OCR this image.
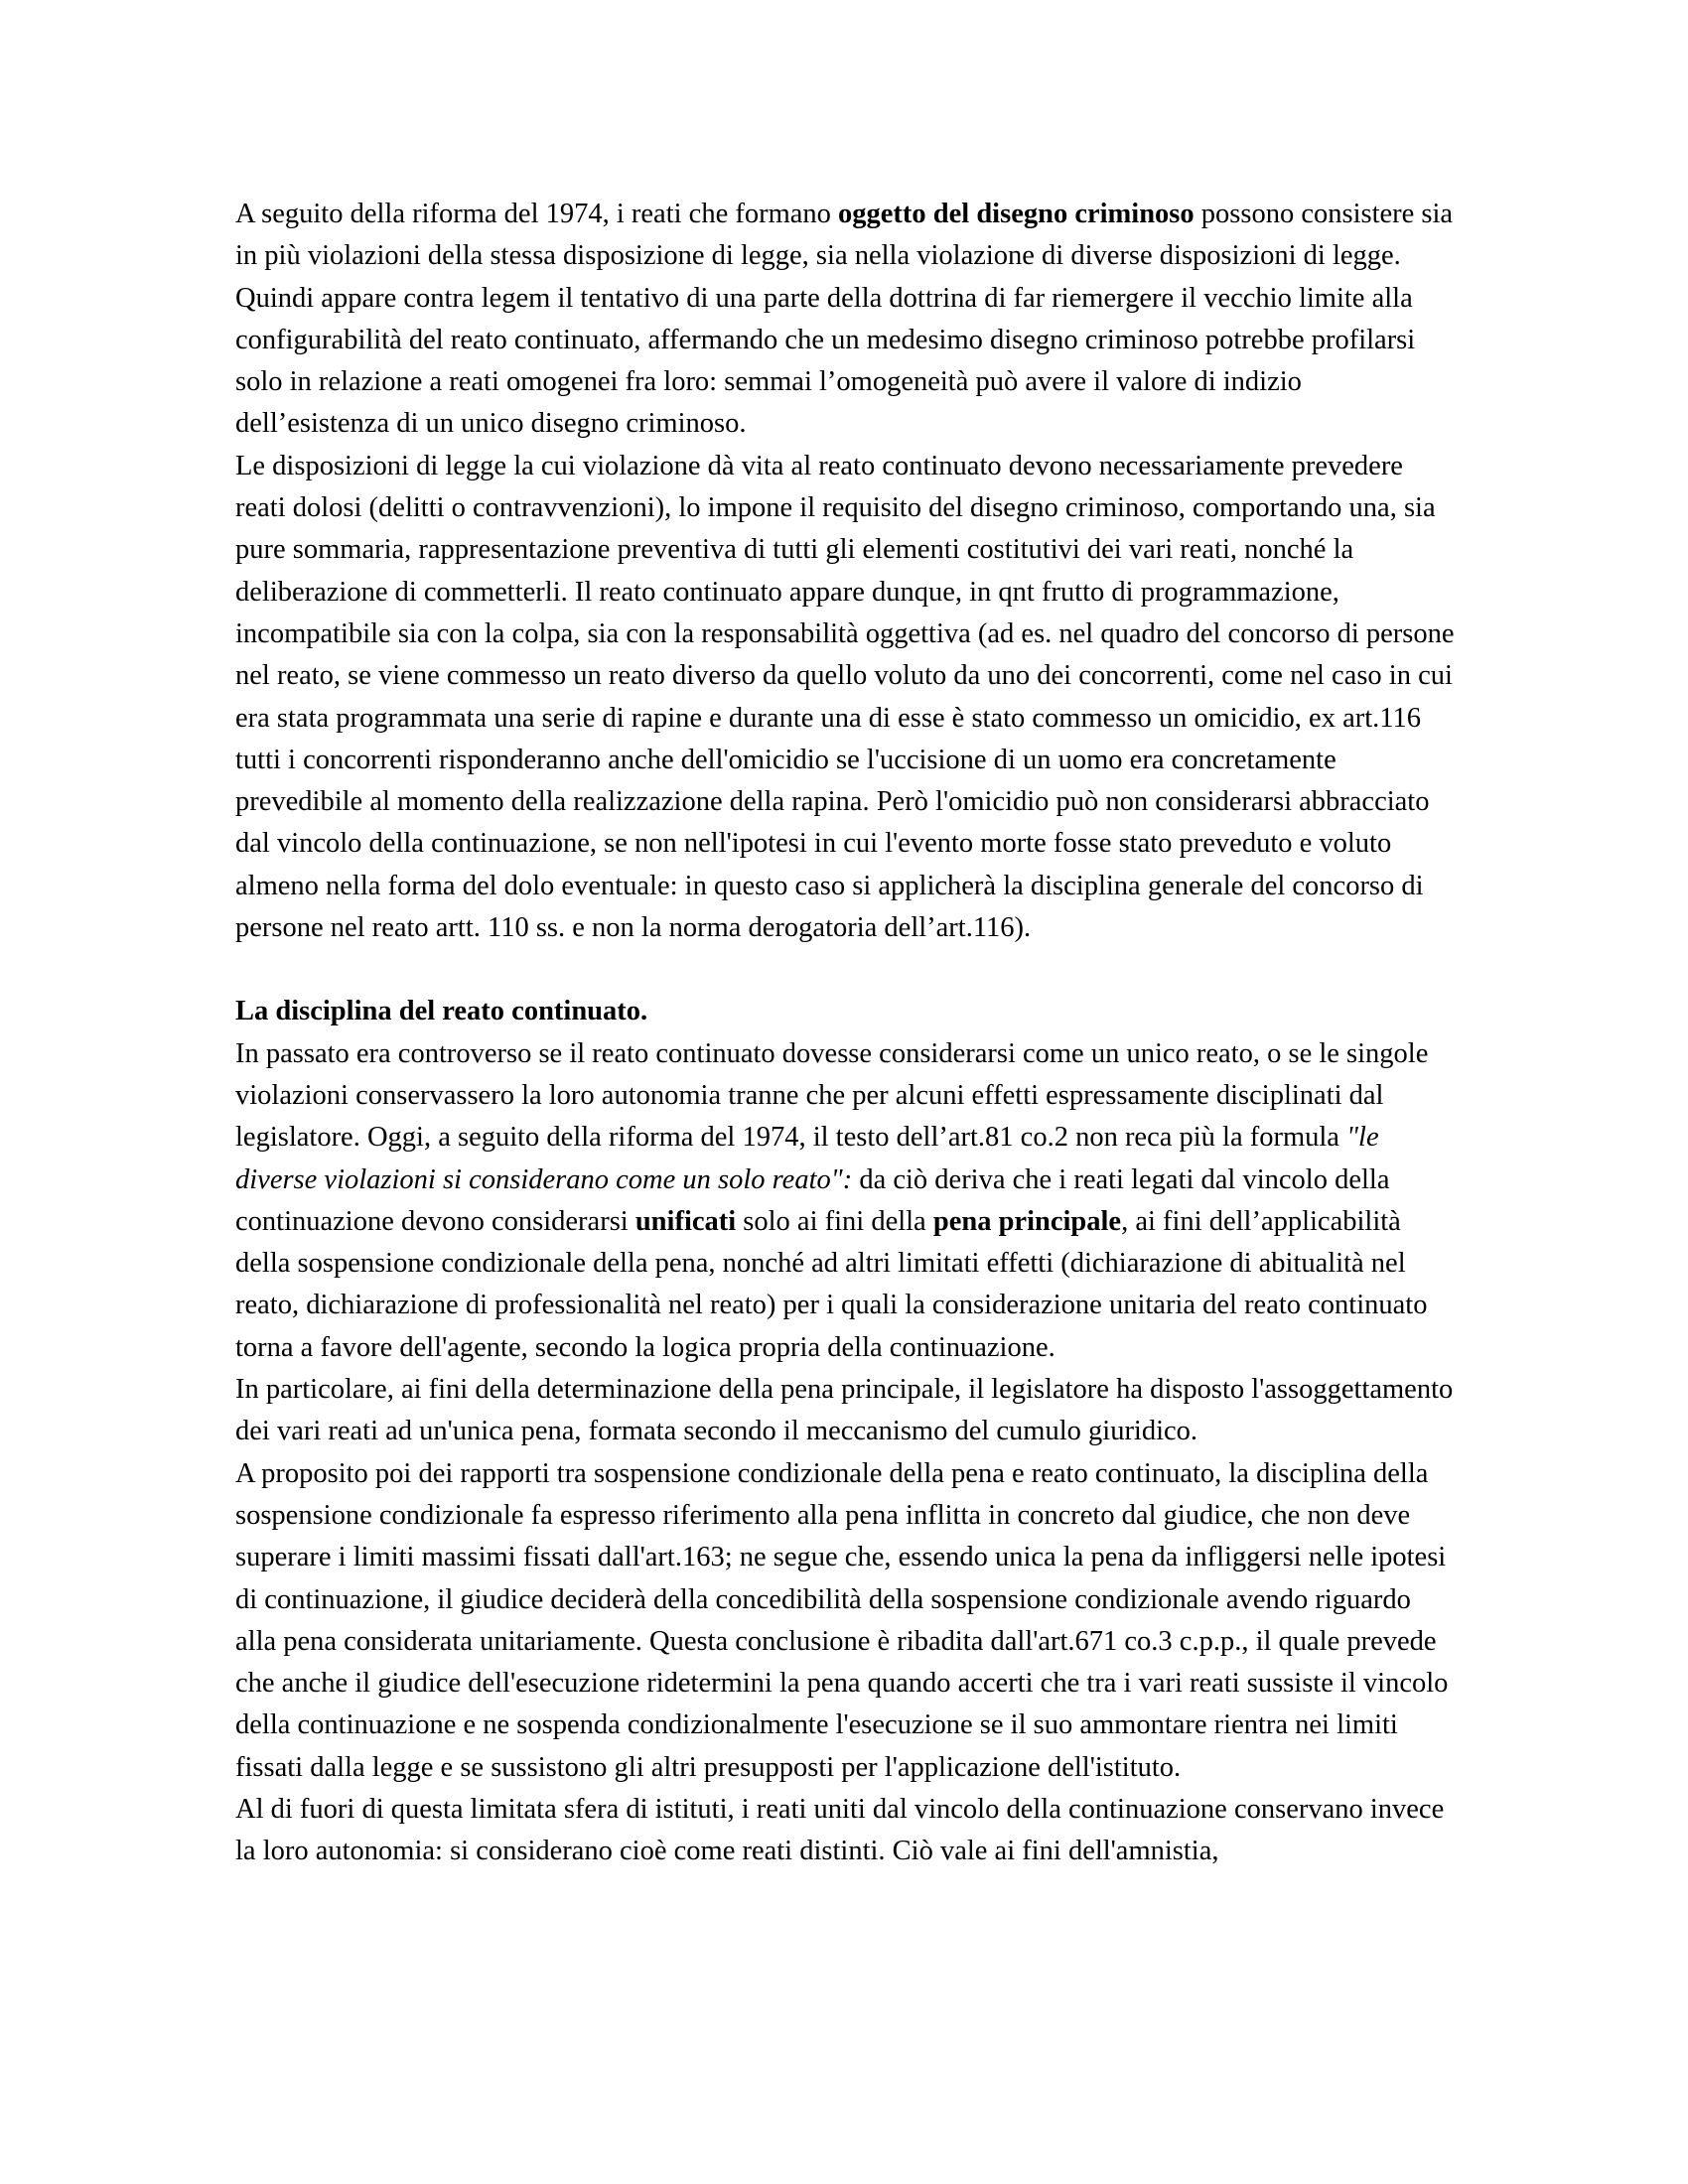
A seguito della riforma del 1974, i reati che formano oggetto del disegno criminoso possono consistere sia in più violazioni della stessa disposizione di legge, sia nella violazione di diverse disposizioni di legge. Quindi appare contra legem il tentativo di una parte della dottrina di far riemergere il vecchio limite alla configurabilità del reato continuato, affermando che un medesimo disegno criminoso potrebbe profilarsi solo in relazione a reati omogenei fra loro: semmai l’omogeneità può avere il valore di indizio dell’esistenza di un unico disegno criminoso.

Le disposizioni di legge la cui violazione dà vita al reato continuato devono necessariamente prevedere reati dolosi (delitti o contravvenzioni), lo impone il requisito del disegno criminoso, comportando una, sia pure sommaria, rappresentazione preventiva di tutti gli elementi costitutivi dei vari reati, nonché la deliberazione di commetterli. Il reato continuato appare dunque, in qnt frutto di programmazione, incompatibile sia con la colpa, sia con la responsabilità oggettiva (ad es. nel quadro del concorso di persone nel reato, se viene commesso un reato diverso da quello voluto da uno dei concorrenti, come nel caso in cui era stata programmata una serie di rapine e durante una di esse è stato commesso un omicidio, ex art.116 tutti i concorrenti risponderanno anche dell'omicidio se l'uccisione di un uomo era concretamente prevedibile al momento della realizzazione della rapina. Però l'omicidio può non considerarsi abbracciato dal vincolo della continuazione, se non nell'ipotesi in cui l'evento morte fosse stato preveduto e voluto almeno nella forma del dolo eventuale: in questo caso si applicherà la disciplina generale del concorso di persone nel reato artt. 110 ss. e non la norma derogatoria dell’art.116).

La disciplina del reato continuato.

In passato era controverso se il reato continuato dovesse considerarsi come un unico reato, o se le singole violazioni conservassero la loro autonomia tranne che per alcuni effetti espressamente disciplinati dal legislatore. Oggi, a seguito della riforma del 1974, il testo dell’art.81 co.2 non reca più la formula "le diverse violazioni si considerano come un solo reato": da ciò deriva che i reati legati dal vincolo della continuazione devono considerarsi unificati solo ai fini della pena principale, ai fini dell’applicabilità della sospensione condizionale della pena, nonché ad altri limitati effetti (dichiarazione di abitualità nel reato, dichiarazione di professionalità nel reato) per i quali la considerazione unitaria del reato continuato torna a favore dell'agente, secondo la logica propria della continuazione.

In particolare, ai fini della determinazione della pena principale, il legislatore ha disposto l'assoggettamento dei vari reati ad un'unica pena, formata secondo il meccanismo del cumulo giuridico.

A proposito poi dei rapporti tra sospensione condizionale della pena e reato continuato, la disciplina della sospensione condizionale fa espresso riferimento alla pena inflitta in concreto dal giudice, che non deve superare i limiti massimi fissati dall'art.163; ne segue che, essendo unica la pena da infliggersi nelle ipotesi di continuazione, il giudice deciderà della concedibilità della sospensione condizionale avendo riguardo alla pena considerata unitariamente. Questa conclusione è ribadita dall'art.671 co.3 c.p.p., il quale prevede che anche il giudice dell'esecuzione ridetermini la pena quando accerti che tra i vari reati sussiste il vincolo della continuazione e ne sospenda condizionalmente l'esecuzione se il suo ammontare rientra nei limiti fissati dalla legge e se sussistono gli altri presupposti per l'applicazione dell'istituto.

Al di fuori di questa limitata sfera di istituti, i reati uniti dal vincolo della continuazione conservano invece la loro autonomia: si considerano cioè come reati distinti. Ciò vale ai fini dell'amnistia,
